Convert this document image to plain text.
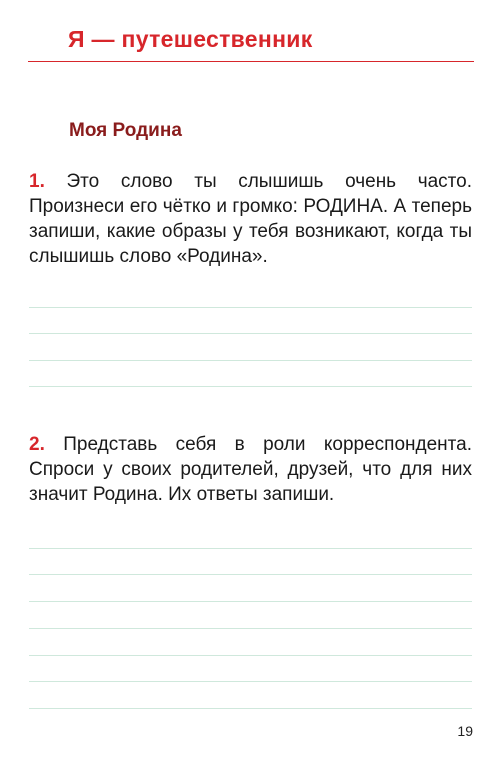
Я — путешественник
Моя Родина
1. Это слово ты слышишь очень часто. Произнеси его чётко и громко: РОДИНА. А теперь запиши, какие образы у тебя возникают, когда ты слышишь слово «Родина».
2. Представь себя в роли корреспондента. Спроси у своих родителей, друзей, что для них значит Родина. Их ответы запиши.
19
